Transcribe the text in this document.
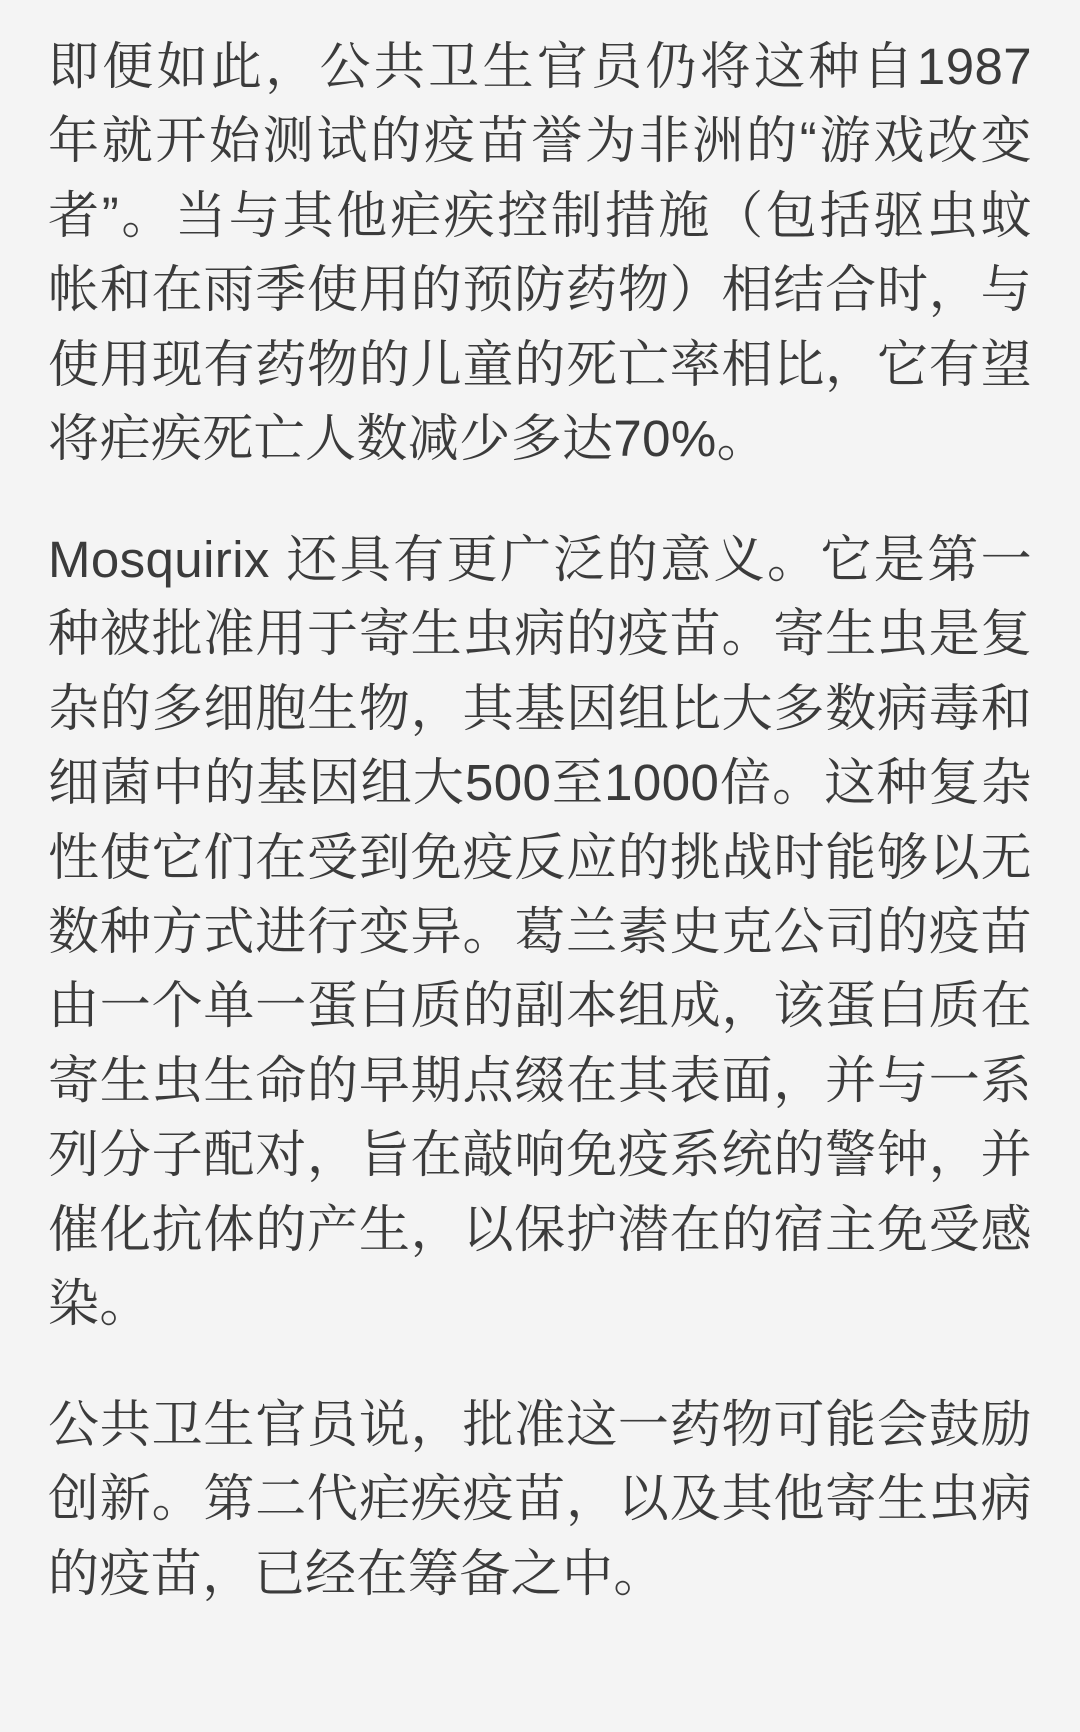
即便如此，公共卫生官员仍将这种自1987年就开始测试的疫苗誉为非洲的“游戏改变者”。当与其他疟疾控制措施（包括驱虫蚊帐和在雨季使用的预防药物）相结合时，与使用现有药物的儿童的死亡率相比，它有望将疟疾死亡人数减少多达70%。

Mosquirix 还具有更广泛的意义。它是第一种被批准用于寄生虫病的疫苗。寄生虫是复杂的多细胞生物，其基因组比大多数病毒和细菌中的基因组大500至1000倍。这种复杂性使它们在受到免疫反应的挑战时能够以无数种方式进行变异。葛兰素史克公司的疫苗由一个单一蛋白质的副本组成，该蛋白质在寄生虫生命的早期点缀在其表面，并与一系列分子配对，旨在敲响免疫系统的警钟，并催化抗体的产生，以保护潜在的宿主免受感染。

公共卫生官员说，批准这一药物可能会鼓励创新。第二代疟疾疫苗，以及其他寄生虫病的疫苗，已经在筹备之中。
